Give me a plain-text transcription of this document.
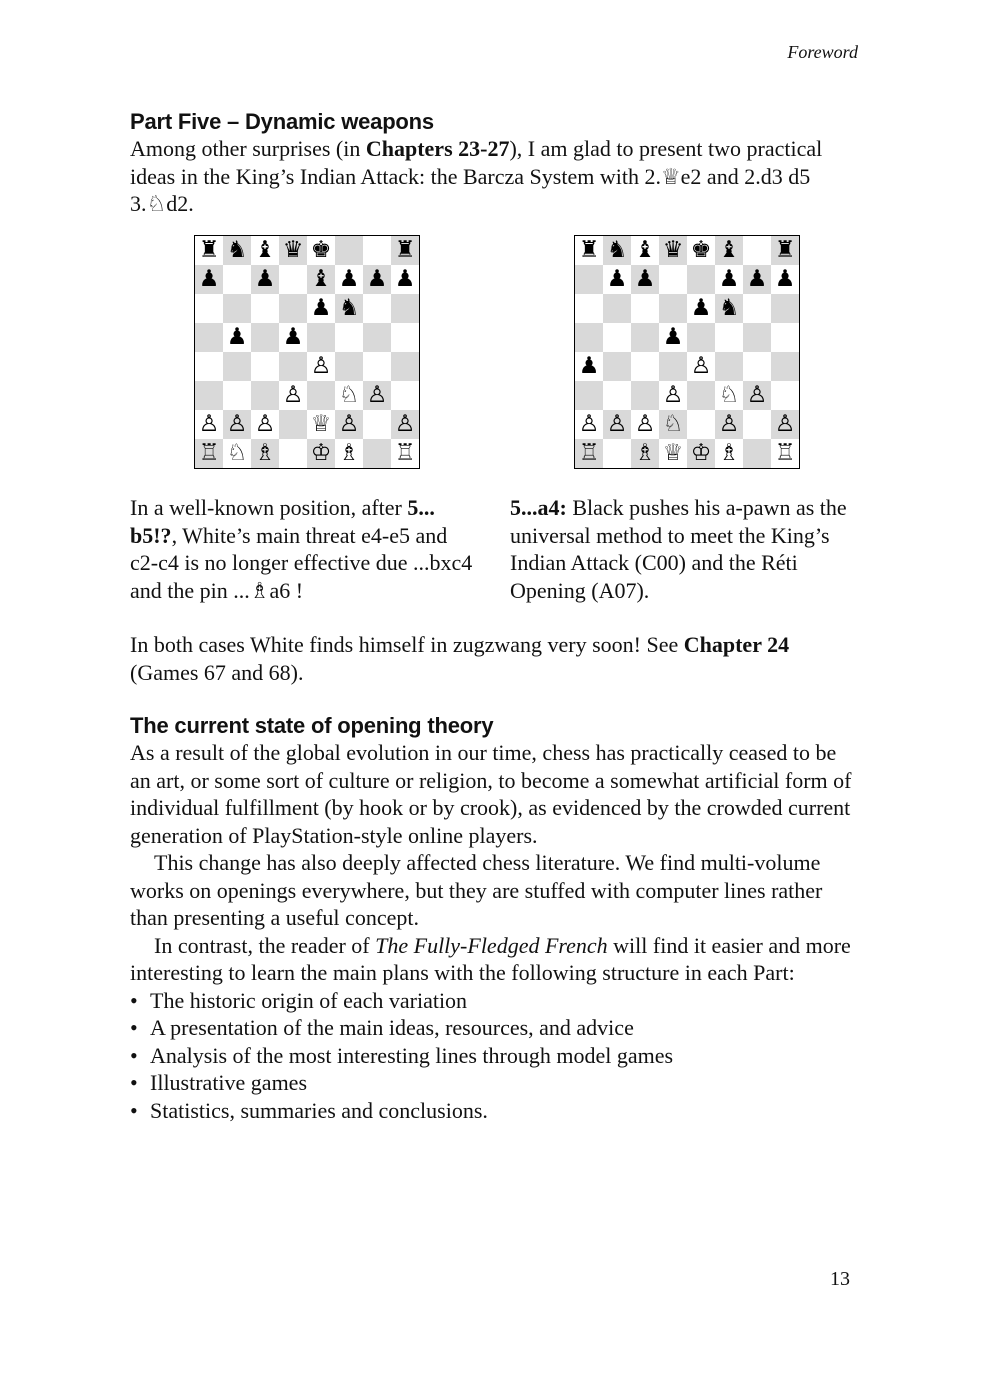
Foreword
Part Five – Dynamic weapons

Among other surprises (in Chapters 23-27), I am glad to present two practical ideas in the King’s Indian Attack: the Barcza System with 2.♕e2 and 2.d3 d5 3.♘d2.

♜ ♞ ♝ ♛ ♚	♜
♟ ♟ ♝ ♟ ♟ ♟
♟ ♞
♟ ♟
♙
♙ ♘ ♙
♙ ♙ ♙ ♕ ♙ ♙
♖ ♘ ♗ ♔ ♗ ♖
♜ ♞ ♝ ♛ ♚ ♝ ♜
♟ ♟	♟ ♟ ♟
♟ ♞
♟
♟	♙
♙ ♘ ♙
♙ ♙ ♙ ♘ ♙ ♙
♖ ♗ ♕ ♔ ♗ ♖

In a well-known position, after 5... b5!?, White’s main threat e4-e5 and c2-c4 is no longer effective due ...bxc4 and the pin ...♗a6 !

5...a4: Black pushes his a-pawn as the universal method to meet the King’s Indian Attack (C00) and the Réti Opening (A07).

In both cases White finds himself in zugzwang very soon! See Chapter 24 (Games 67 and 68).

The current state of opening theory

As a result of the global evolution in our time, chess has practically ceased to be an art, or some sort of culture or religion, to become a somewhat artificial form of individual fulfillment (by hook or by crook), as evidenced by the crowded current generation of PlayStation-style online players.

This change has also deeply affected chess literature. We find multi-volume works on openings everywhere, but they are stuffed with computer lines rather than presenting a useful concept.

In contrast, the reader of The Fully-Fledged French will find it easier and more interesting to learn the main plans with the following structure in each Part:

• The historic origin of each variation
• A presentation of the main ideas, resources, and advice
• Analysis of the most interesting lines through model games
• Illustrative games
• Statistics, summaries and conclusions.
13
